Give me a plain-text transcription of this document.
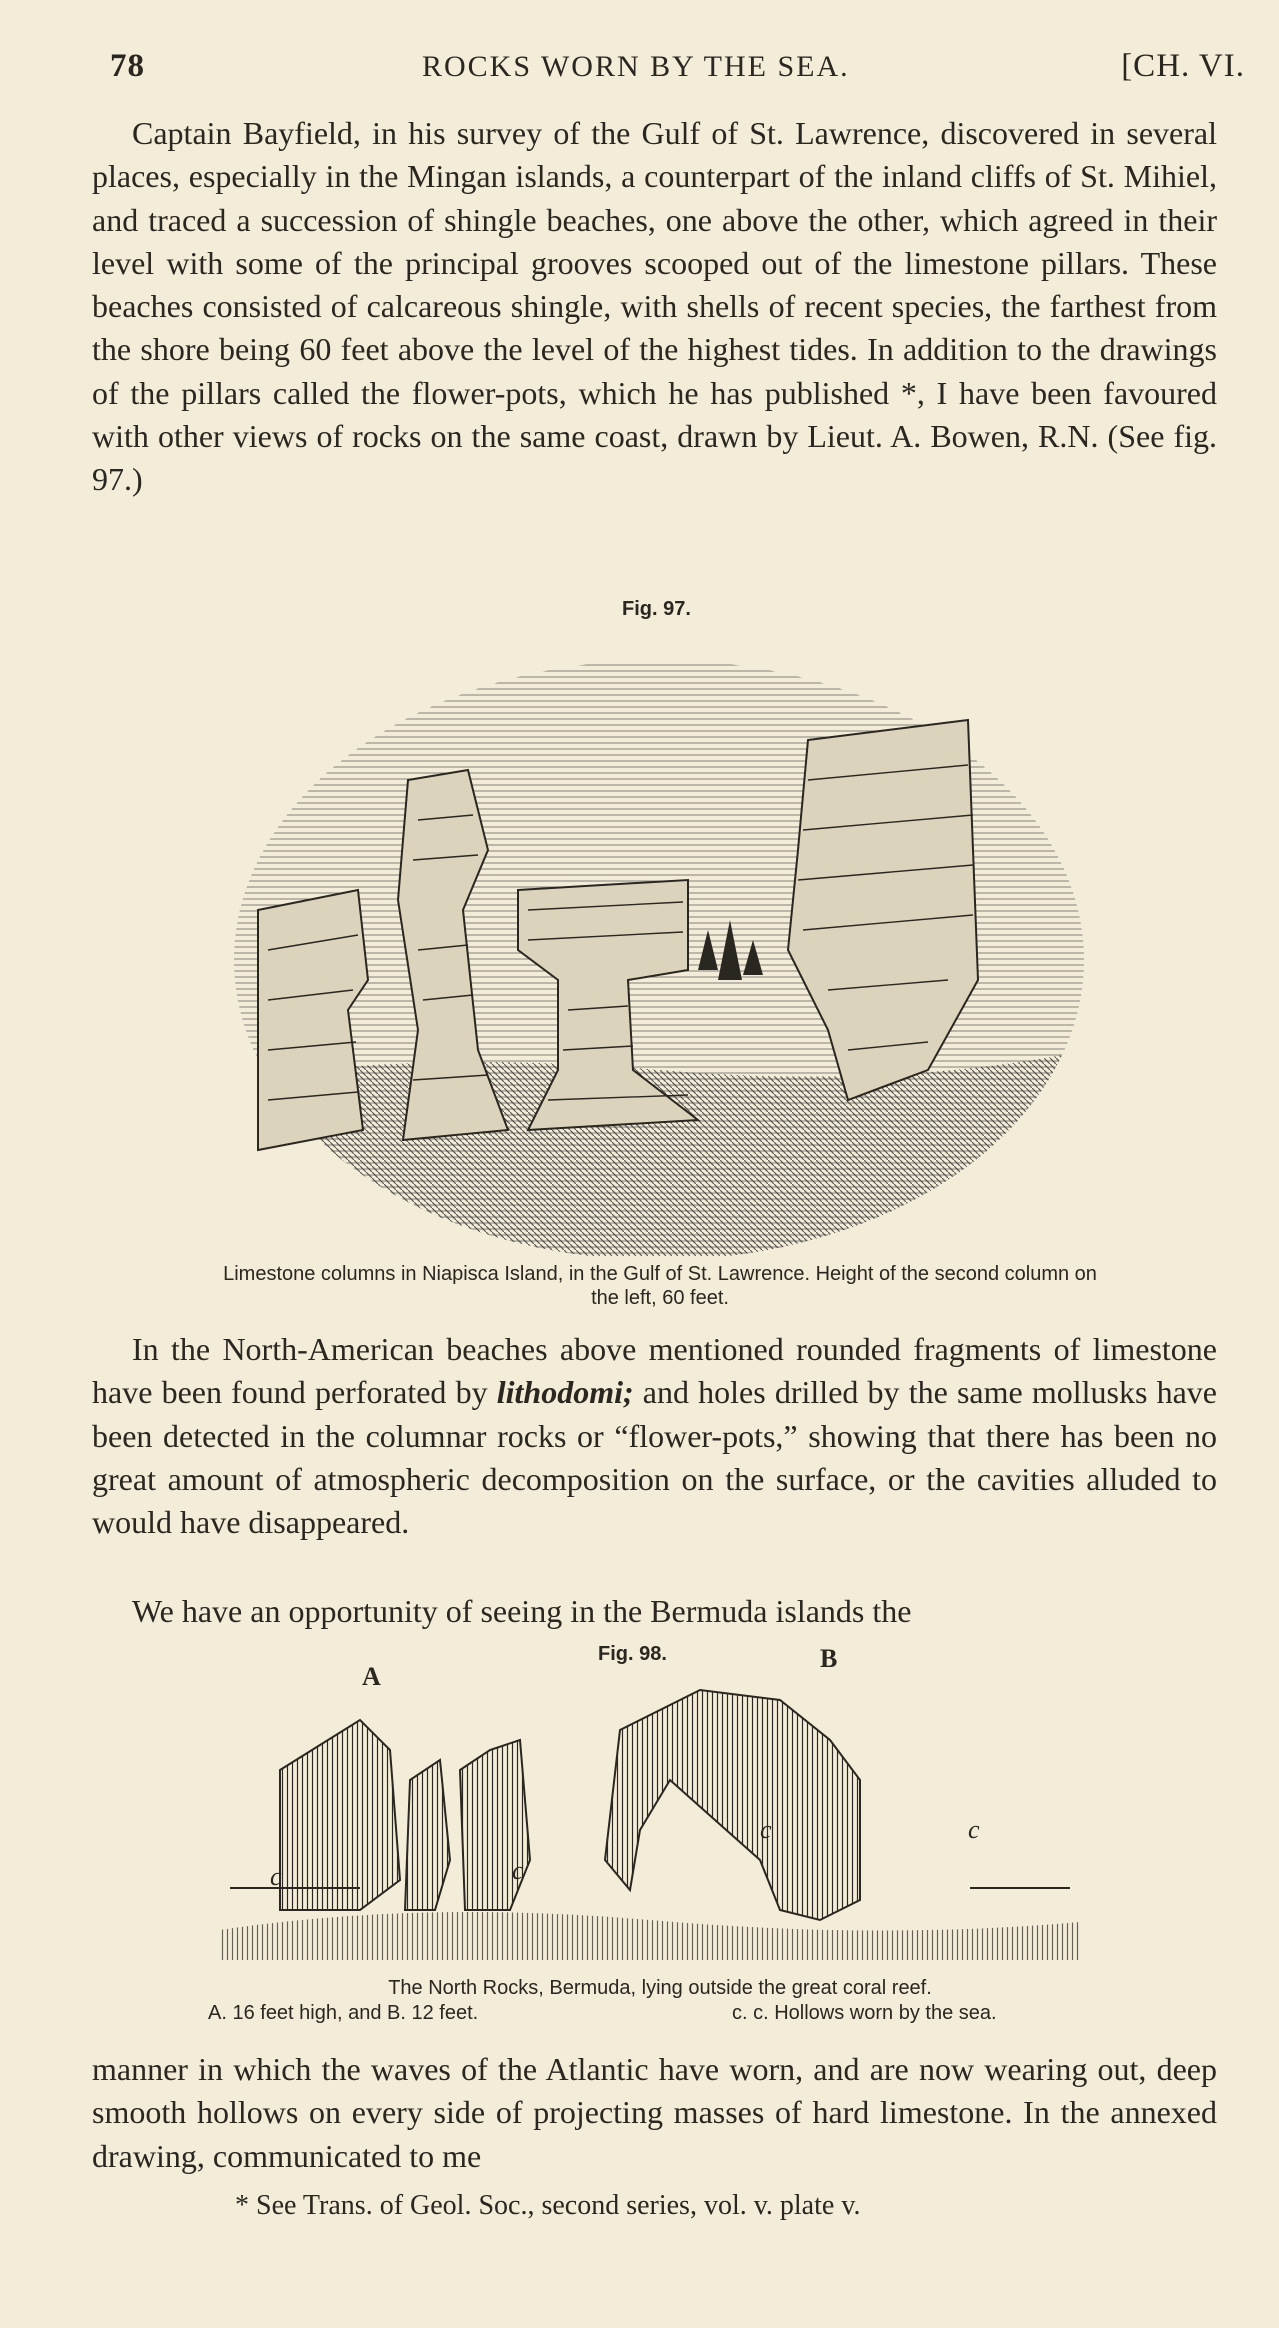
78	ROCKS WORN BY THE SEA.	[CH. VI.

Captain Bayfield, in his survey of the Gulf of St. Lawrence, discovered in several places, especially in the Mingan islands, a counterpart of the inland cliffs of St. Mihiel, and traced a succession of shingle beaches, one above the other, which agreed in their level with some of the principal grooves scooped out of the limestone pillars. These beaches consisted of calcareous shingle, with shells of recent species, the farthest from the shore being 60 feet above the level of the highest tides. In addition to the drawings of the pillars called the flower-pots, which he has published *, I have been favoured with other views of rocks on the same coast, drawn by Lieut. A. Bowen, R.N. (See fig. 97.)

Fig. 97.
Limestone columns in Niapisca Island, in the Gulf of St. Lawrence. Height of the second column on the left, 60 feet.

In the North-American beaches above mentioned rounded fragments of limestone have been found perforated by lithodomi; and holes drilled by the same mollusks have been detected in the columnar rocks or “flower-pots,” showing that there has been no great amount of atmospheric decomposition on the surface, or the cavities alluded to would have disappeared.

We have an opportunity of seeing in the Bermuda islands the

Fig. 98.
A
B
c	c
c	c
The North Rocks, Bermuda, lying outside the great coral reef.
A. 16 feet high, and B. 12 feet.	c. c. Hollows worn by the sea.

manner in which the waves of the Atlantic have worn, and are now wearing out, deep smooth hollows on every side of projecting masses of hard limestone. In the annexed drawing, communicated to me

* See Trans. of Geol. Soc., second series, vol. v. plate v.
